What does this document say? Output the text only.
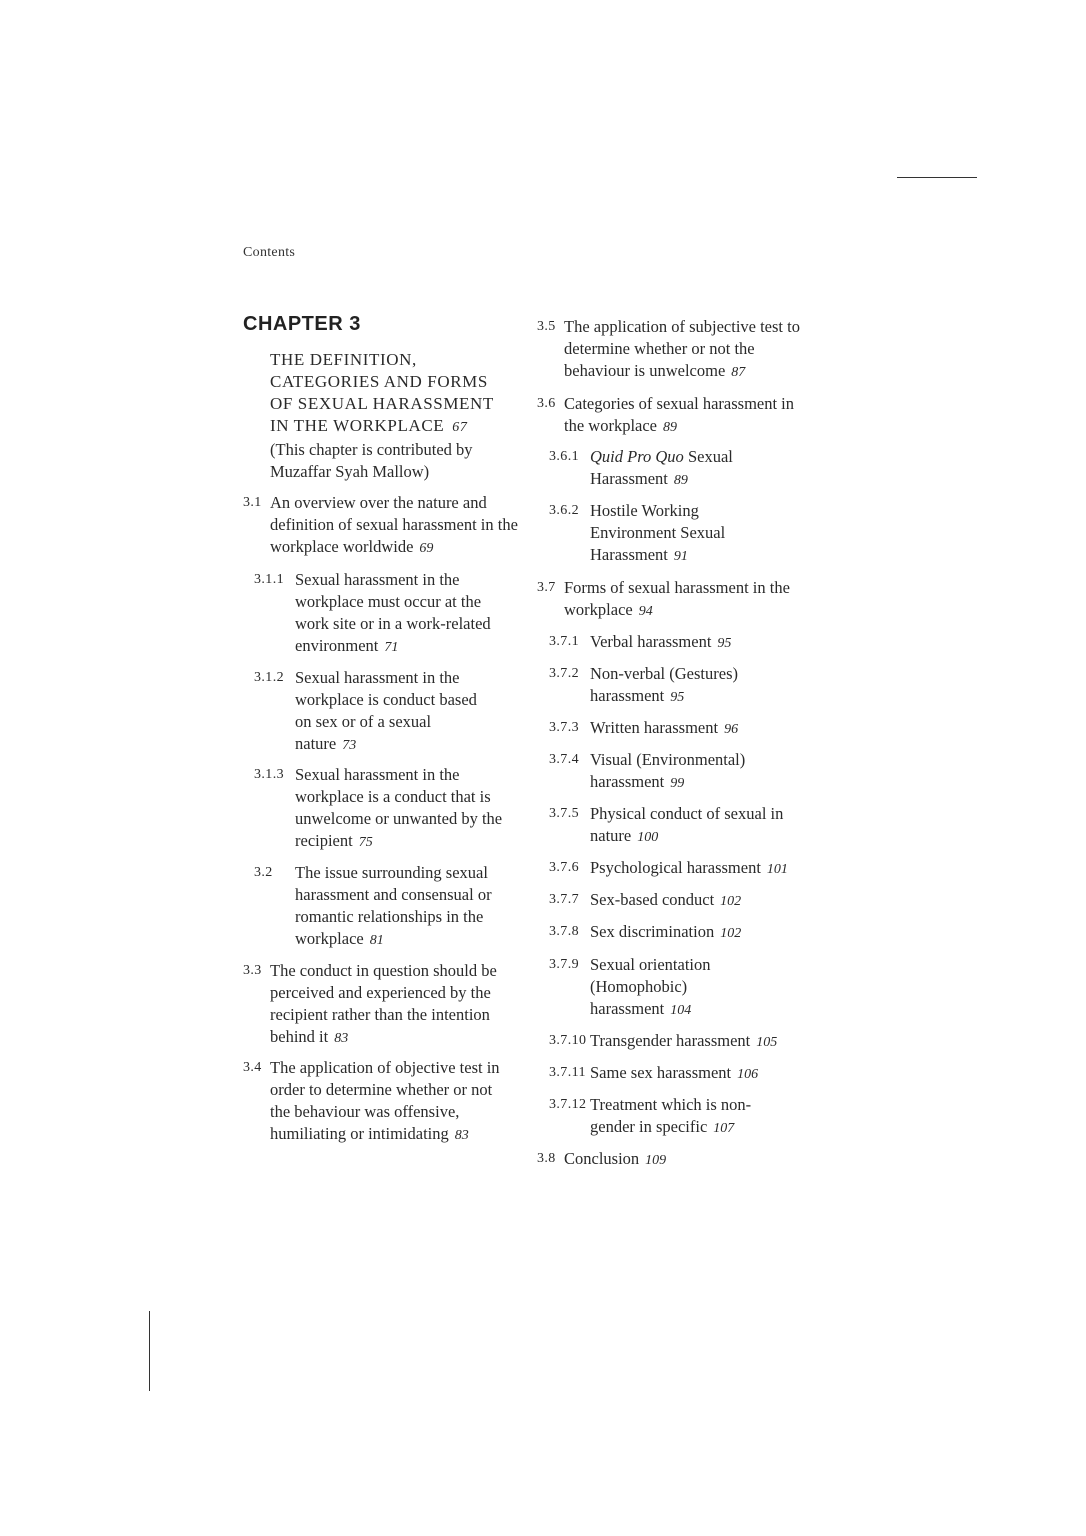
Contents
CHAPTER 3
THE DEFINITION,
CATEGORIES AND FORMS
OF SEXUAL HARASSMENT
IN THE WORKPLACE 67
(This chapter is contributed by Muzaffar Syah Mallow)
3.1 An overview over the nature and definition of sexual harassment in the workplace worldwide 69
3.1.1 Sexual harassment in the workplace must occur at the work site or in a work-related environment 71
3.1.2 Sexual harassment in the workplace is conduct based on sex or of a sexual nature 73
3.1.3 Sexual harassment in the workplace is a conduct that is unwelcome or unwanted by the recipient 75
3.2	The issue surrounding sexual harassment and consensual or romantic relationships in the workplace 81
3.3 The conduct in question should be perceived and experienced by the recipient rather than the intention behind it 83
3.4 The application of objective test in order to determine whether or not the behaviour was offensive, humiliating or intimidating 83
3.5 The application of subjective test to determine whether or not the behaviour is unwelcome 87
3.6 Categories of sexual harassment in the workplace 89
3.6.1 Quid Pro Quo Sexual Harassment 89
3.6.2 Hostile Working Environment Sexual Harassment 91
3.7 Forms of sexual harassment in the workplace 94
3.7.1 Verbal harassment 95
3.7.2 Non-verbal (Gestures) harassment 95
3.7.3 Written harassment 96
3.7.4 Visual (Environmental) harassment 99
3.7.5 Physical conduct of sexual in nature 100
3.7.6 Psychological harassment 101
3.7.7 Sex-based conduct 102
3.7.8 Sex discrimination 102
3.7.9 Sexual orientation (Homophobic) harassment 104
3.7.10 Transgender harassment 105
3.7.11 Same sex harassment 106
3.7.12 Treatment which is non-gender in specific 107
3.8 Conclusion 109
